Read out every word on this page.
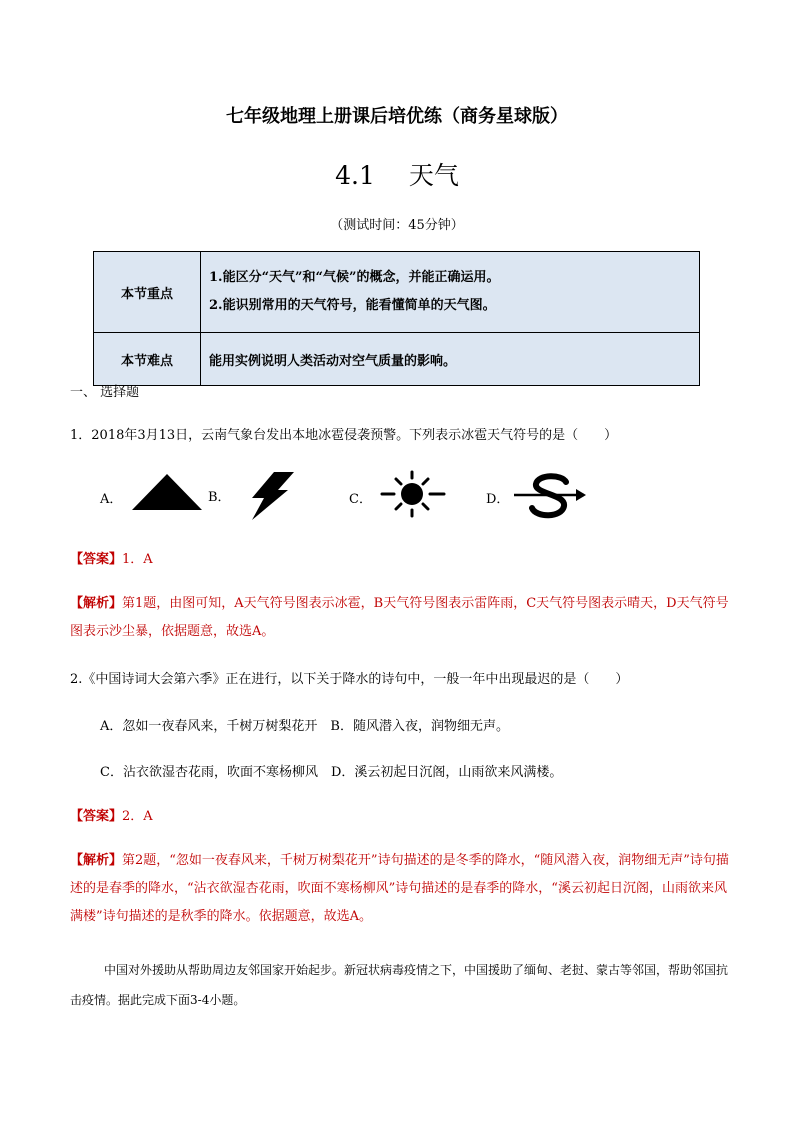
七年级地理上册课后培优练（商务星球版）
4.1 天气
（测试时间：45分钟）
本节重点	1.能区分“天气”和“气候”的概念，并能正确运用。

2.能识别常用的天气符号，能看懂简单的天气图。

本节难点	能用实例说明人类活动对空气质量的影响。
一、 选择题
1．2018年3月13日，云南气象台发出本地冰雹侵袭预警。下列表示冰雹天气符号的是（　　）
A．	B．	C．	D．
【答案】1．A
【解析】第1题，由图可知，A天气符号图表示冰雹，B天气符号图表示雷阵雨，C天气符号图表示晴天，D天气符号图表示沙尘暴，依据题意，故选A。
2.《中国诗词大会第六季》正在进行，以下关于降水的诗句中，一般一年中出现最迟的是（　　）
A．忽如一夜春风来，千树万树梨花开　B．随风潜入夜，润物细无声。
C．沾衣欲湿杏花雨，吹面不寒杨柳风　D．溪云初起日沉阁，山雨欲来风满楼。
【答案】2．A
【解析】第2题，“忽如一夜春风来，千树万树梨花开”诗句描述的是冬季的降水，“随风潜入夜，润物细无声”诗句描述的是春季的降水，“沾衣欲湿杏花雨，吹面不寒杨柳风”诗句描述的是春季的降水，“溪云初起日沉阁，山雨欲来风满楼”诗句描述的是秋季的降水。依据题意，故选A。
中国对外援助从帮助周边友邻国家开始起步。新冠状病毒疫情之下，中国援助了缅甸、老挝、蒙古等邻国，帮助邻国抗击疫情。据此完成下面3-4小题。
